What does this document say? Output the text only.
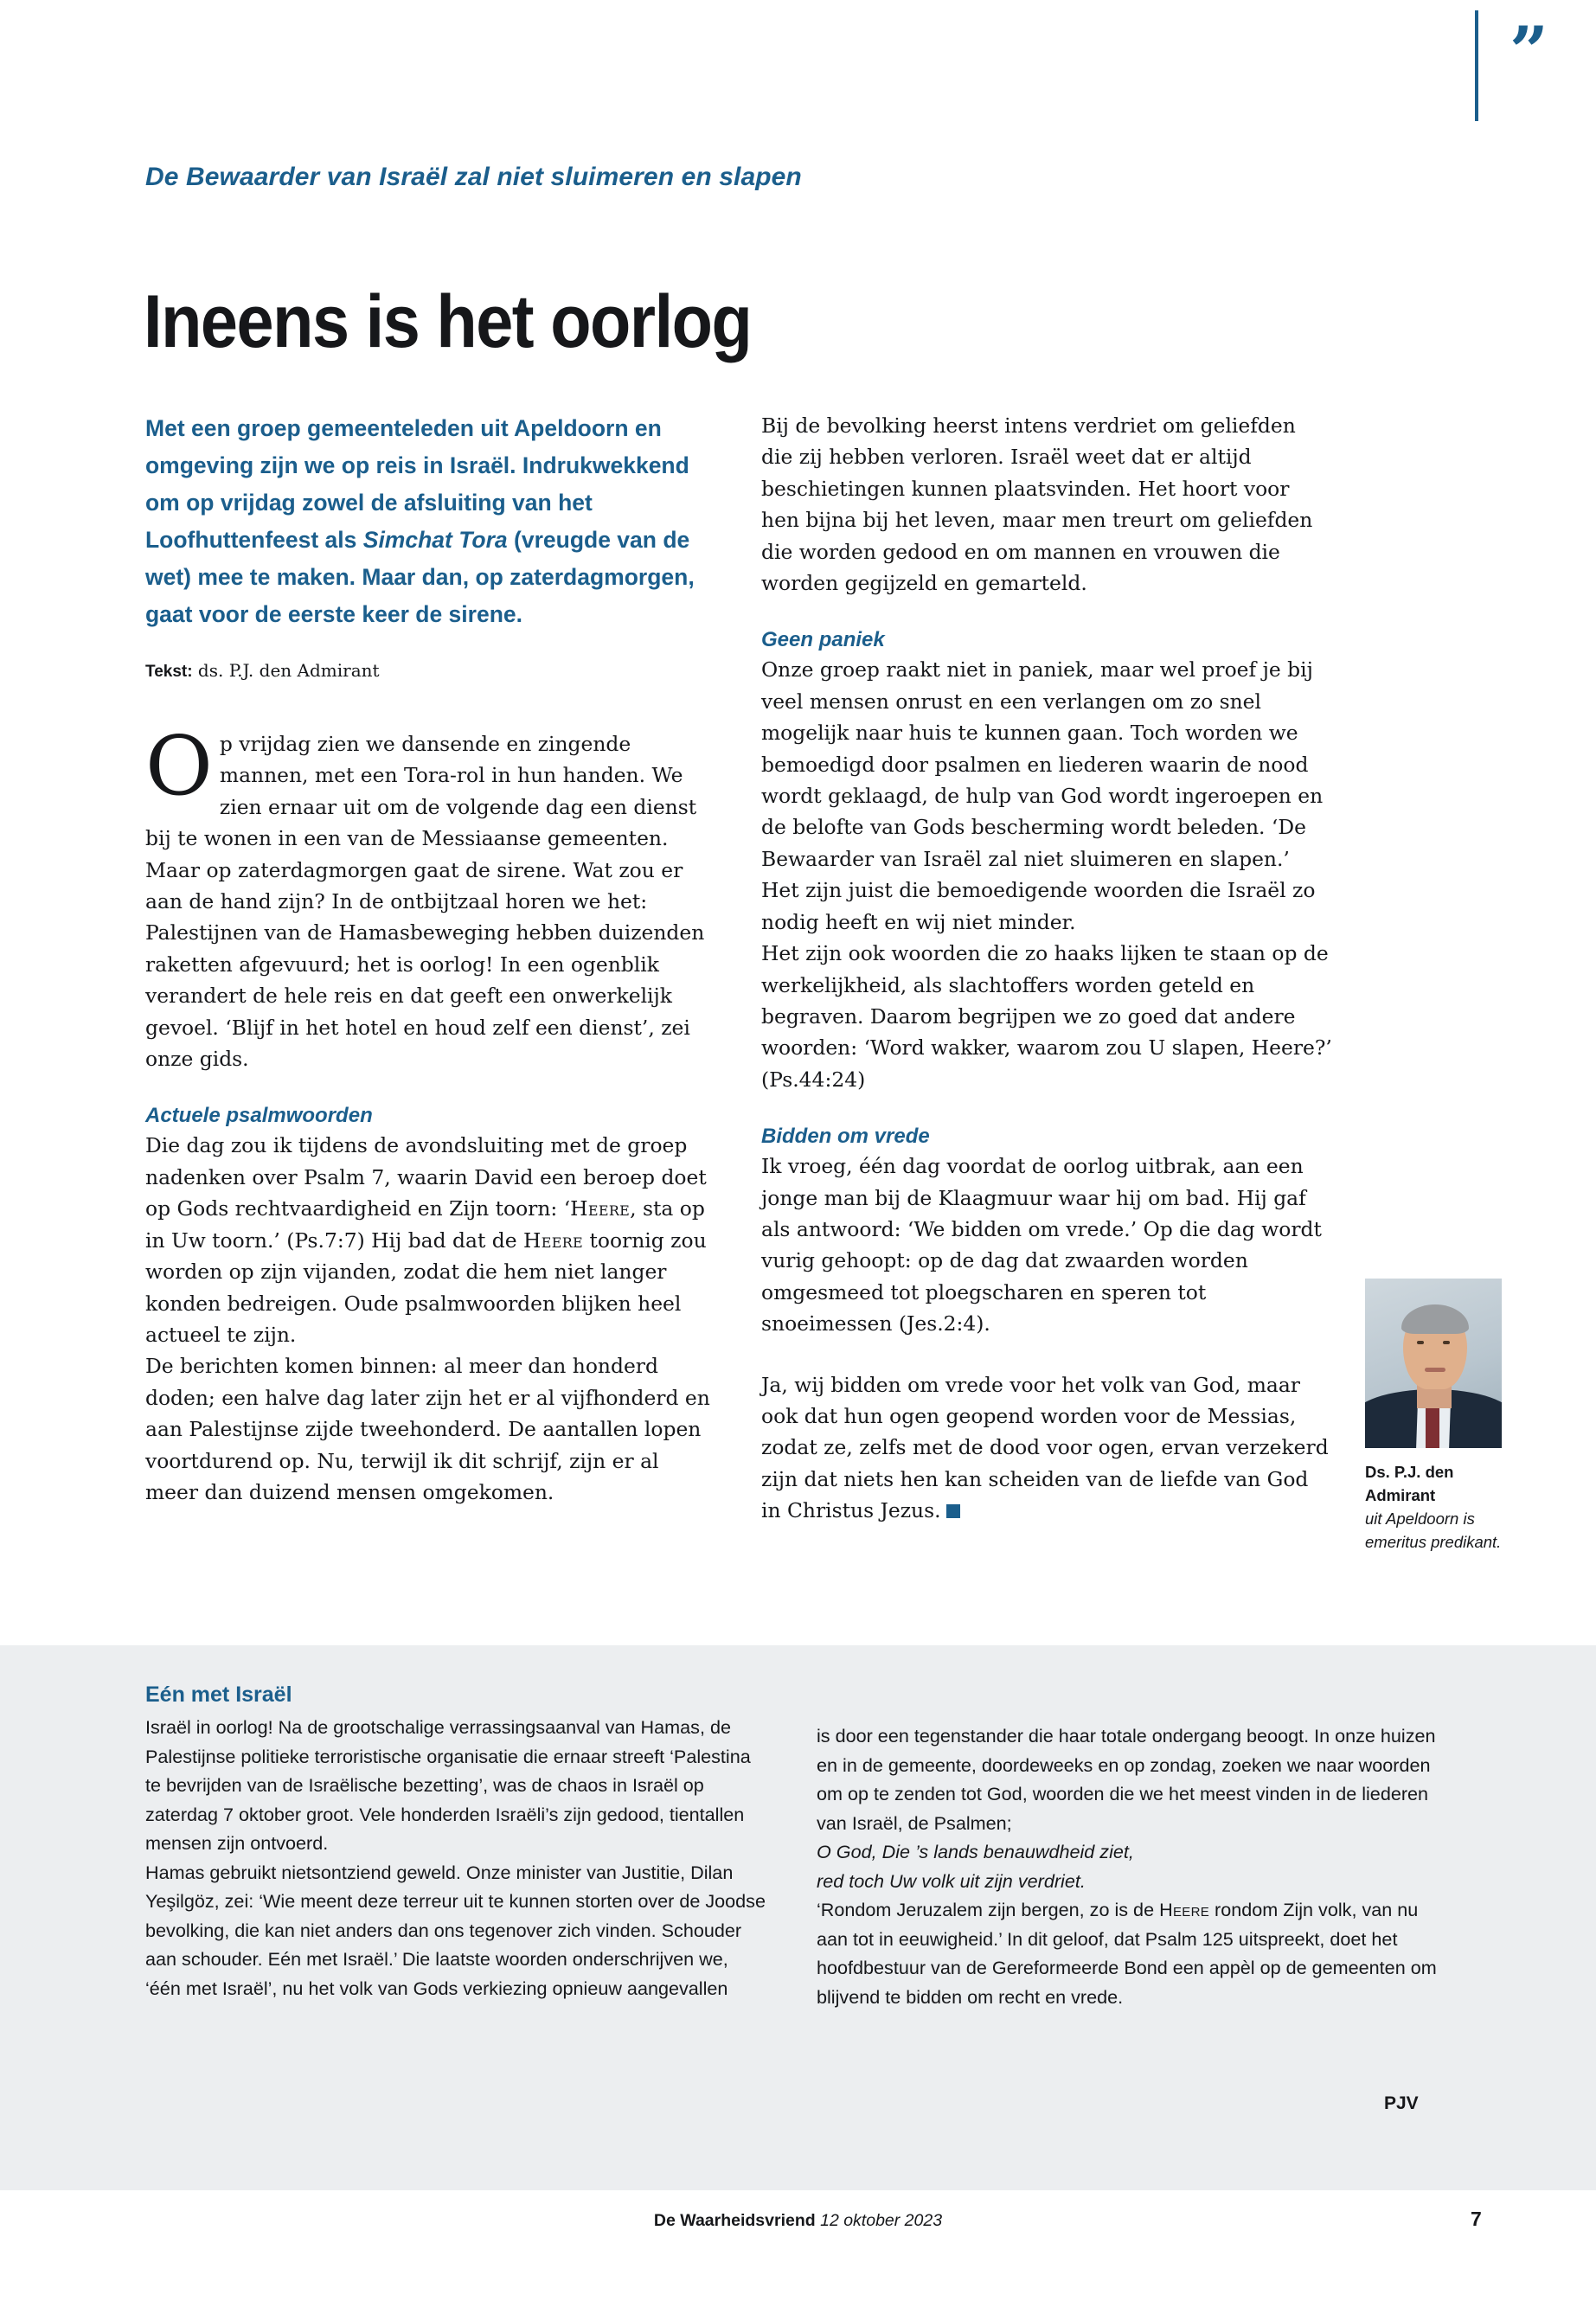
”
De Bewaarder van Israël zal niet sluimeren en slapen
Ineens is het oorlog

Met een groep gemeenteleden uit Apeldoorn en omgeving zijn we op reis in Israël. Indrukwekkend om op vrijdag zowel de afsluiting van het Loofhuttenfeest als Simchat Tora (vreugde van de wet) mee te maken. Maar dan, op zaterdagmorgen, gaat voor de eerste keer de sirene.

Tekst: ds. P.J. den Admirant

Op vrijdag zien we dansende en zingende mannen, met een Tora-rol in hun handen. We zien ernaar uit om de volgende dag een dienst bij te wonen in een van de Messiaanse gemeenten. Maar op zaterdagmorgen gaat de sirene. Wat zou er aan de hand zijn? In de ontbijtzaal horen we het: Palestijnen van de Hamasbeweging hebben duizenden raketten afgevuurd; het is oorlog! In een ogenblik verandert de hele reis en dat geeft een onwerkelijk gevoel. ‘Blijf in het hotel en houd zelf een dienst’, zei onze gids.

Actuele psalmwoorden

Die dag zou ik tijdens de avondsluiting met de groep nadenken over Psalm 7, waarin David een beroep doet op Gods rechtvaardigheid en Zijn toorn: ‘Heere, sta op in Uw toorn.’ (Ps.7:7) Hij bad dat de Heere toornig zou worden op zijn vijanden, zodat die hem niet langer konden bedreigen. Oude psalmwoorden blijken heel actueel te zijn.

De berichten komen binnen: al meer dan honderd doden; een halve dag later zijn het er al vijfhonderd en aan Palestijnse zijde tweehonderd. De aantallen lopen voortdurend op. Nu, terwijl ik dit schrijf, zijn er al meer dan duizend mensen omgekomen.

Bij de bevolking heerst intens verdriet om geliefden die zij hebben verloren. Israël weet dat er altijd beschietingen kunnen plaatsvinden. Het hoort voor hen bijna bij het leven, maar men treurt om geliefden die worden gedood en om mannen en vrouwen die worden gegijzeld en gemarteld.

Geen paniek

Onze groep raakt niet in paniek, maar wel proef je bij veel mensen onrust en een verlangen om zo snel mogelijk naar huis te kunnen gaan. Toch worden we bemoedigd door psalmen en liederen waarin de nood wordt geklaagd, de hulp van God wordt ingeroepen en de belofte van Gods bescherming wordt beleden. ‘De Bewaarder van Israël zal niet sluimeren en slapen.’ Het zijn juist die bemoedigende woorden die Israël zo nodig heeft en wij niet minder.

Het zijn ook woorden die zo haaks lijken te staan op de werkelijkheid, als slachtoffers worden geteld en begraven. Daarom begrijpen we zo goed dat andere woorden: ‘Word wakker, waarom zou U slapen, Heere?’ (Ps.44:24)

Bidden om vrede

Ik vroeg, één dag voordat de oorlog uitbrak, aan een jonge man bij de Klaagmuur waar hij om bad. Hij gaf als antwoord: ‘We bidden om vrede.’ Op die dag wordt vurig gehoopt: op de dag dat zwaarden worden omgesmeed tot ploegscharen en speren tot snoeimessen (Jes.2:4).

Ja, wij bidden om vrede voor het volk van God, maar ook dat hun ogen geopend worden voor de Messias, zodat ze, zelfs met de dood voor ogen, ervan verzekerd zijn dat niets hen kan scheiden van de liefde van God in Christus Jezus.

Ds. P.J. den Admirant
uit Apeldoorn is emeritus predikant.
Eén met Israël

Israël in oorlog! Na de grootschalige verrassingsaanval van Hamas, de Palestijnse politieke terroristische organisatie die ernaar streeft ‘Palestina te bevrijden van de Israëlische bezetting’, was de chaos in Israël op zaterdag 7 oktober groot. Vele honderden Israëli’s zijn gedood, tientallen mensen zijn ontvoerd.

Hamas gebruikt nietsontziend geweld. Onze minister van Justitie, Dilan Yeşilgöz, zei: ‘Wie meent deze terreur uit te kunnen storten over de Joodse bevolking, die kan niet anders dan ons tegenover zich vinden. Schouder aan schouder. Eén met Israël.’ Die laatste woorden onderschrijven we, ‘één met Israël’, nu het volk van Gods verkiezing opnieuw aangevallen

is door een tegenstander die haar totale ondergang beoogt. In onze huizen en in de gemeente, doordeweeks en op zondag, zoeken we naar woorden om op te zenden tot God, woorden die we het meest vinden in de liederen van Israël, de Psalmen;

O God, Die ’s lands benauwdheid ziet,

red toch Uw volk uit zijn verdriet.

‘Rondom Jeruzalem zijn bergen, zo is de Heere rondom Zijn volk, van nu aan tot in eeuwigheid.’ In dit geloof, dat Psalm 125 uitspreekt, doet het hoofdbestuur van de Gereformeerde Bond een appèl op de gemeenten om blijvend te bidden om recht en vrede.

PJV
De Waarheidsvriend 12 oktober 2023	7
